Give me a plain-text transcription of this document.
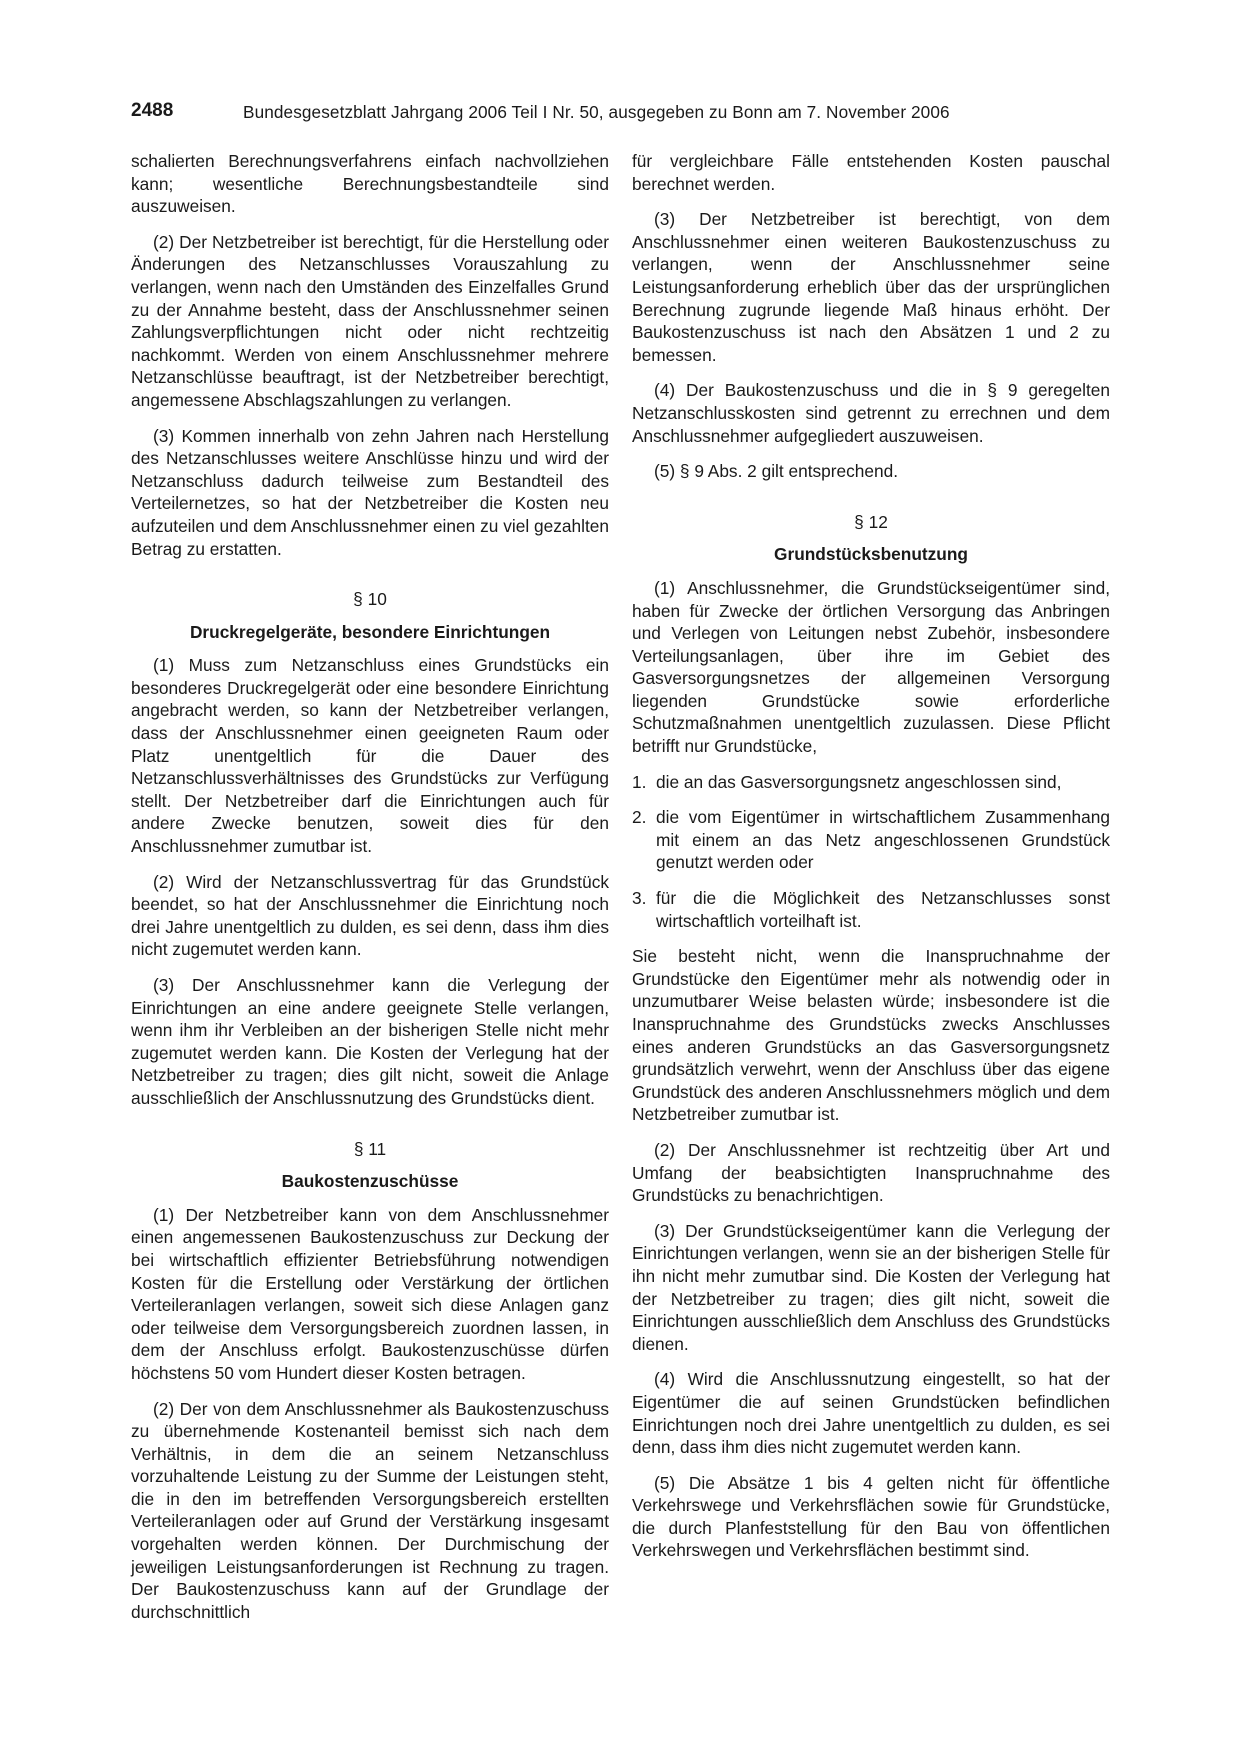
2488	Bundesgesetzblatt Jahrgang 2006 Teil I Nr. 50, ausgegeben zu Bonn am 7. November 2006

schalierten Berechnungsverfahrens einfach nachvollziehen kann; wesentliche Berechnungsbestandteile sind auszuweisen.

(2) Der Netzbetreiber ist berechtigt, für die Herstellung oder Änderungen des Netzanschlusses Vorauszahlung zu verlangen, wenn nach den Umständen des Einzelfalles Grund zu der Annahme besteht, dass der Anschlussnehmer seinen Zahlungsverpflichtungen nicht oder nicht rechtzeitig nachkommt. Werden von einem Anschlussnehmer mehrere Netzanschlüsse beauftragt, ist der Netzbetreiber berechtigt, angemessene Abschlagszahlungen zu verlangen.

(3) Kommen innerhalb von zehn Jahren nach Herstellung des Netzanschlusses weitere Anschlüsse hinzu und wird der Netzanschluss dadurch teilweise zum Bestandteil des Verteilernetzes, so hat der Netzbetreiber die Kosten neu aufzuteilen und dem Anschlussnehmer einen zu viel gezahlten Betrag zu erstatten.

§ 10
Druckregelgeräte, besondere Einrichtungen

(1) Muss zum Netzanschluss eines Grundstücks ein besonderes Druckregelgerät oder eine besondere Einrichtung angebracht werden, so kann der Netzbetreiber verlangen, dass der Anschlussnehmer einen geeigneten Raum oder Platz unentgeltlich für die Dauer des Netzanschlussverhältnisses des Grundstücks zur Verfügung stellt. Der Netzbetreiber darf die Einrichtungen auch für andere Zwecke benutzen, soweit dies für den Anschlussnehmer zumutbar ist.

(2) Wird der Netzanschlussvertrag für das Grundstück beendet, so hat der Anschlussnehmer die Einrichtung noch drei Jahre unentgeltlich zu dulden, es sei denn, dass ihm dies nicht zugemutet werden kann.

(3) Der Anschlussnehmer kann die Verlegung der Einrichtungen an eine andere geeignete Stelle verlangen, wenn ihm ihr Verbleiben an der bisherigen Stelle nicht mehr zugemutet werden kann. Die Kosten der Verlegung hat der Netzbetreiber zu tragen; dies gilt nicht, soweit die Anlage ausschließlich der Anschlussnutzung des Grundstücks dient.

§ 11
Baukostenzuschüsse

(1) Der Netzbetreiber kann von dem Anschlussnehmer einen angemessenen Baukostenzuschuss zur Deckung der bei wirtschaftlich effizienter Betriebsführung notwendigen Kosten für die Erstellung oder Verstärkung der örtlichen Verteileranlagen verlangen, soweit sich diese Anlagen ganz oder teilweise dem Versorgungsbereich zuordnen lassen, in dem der Anschluss erfolgt. Baukostenzuschüsse dürfen höchstens 50 vom Hundert dieser Kosten betragen.

(2) Der von dem Anschlussnehmer als Baukostenzuschuss zu übernehmende Kostenanteil bemisst sich nach dem Verhältnis, in dem die an seinem Netzanschluss vorzuhaltende Leistung zu der Summe der Leistungen steht, die in den im betreffenden Versorgungsbereich erstellten Verteileranlagen oder auf Grund der Verstärkung insgesamt vorgehalten werden können. Der Durchmischung der jeweiligen Leistungsanforderungen ist Rechnung zu tragen. Der Baukostenzuschuss kann auf der Grundlage der durchschnittlich

für vergleichbare Fälle entstehenden Kosten pauschal berechnet werden.

(3) Der Netzbetreiber ist berechtigt, von dem Anschlussnehmer einen weiteren Baukostenzuschuss zu verlangen, wenn der Anschlussnehmer seine Leistungsanforderung erheblich über das der ursprünglichen Berechnung zugrunde liegende Maß hinaus erhöht. Der Baukostenzuschuss ist nach den Absätzen 1 und 2 zu bemessen.

(4) Der Baukostenzuschuss und die in § 9 geregelten Netzanschlusskosten sind getrennt zu errechnen und dem Anschlussnehmer aufgegliedert auszuweisen.

(5) § 9 Abs. 2 gilt entsprechend.

§ 12
Grundstücksbenutzung

(1) Anschlussnehmer, die Grundstückseigentümer sind, haben für Zwecke der örtlichen Versorgung das Anbringen und Verlegen von Leitungen nebst Zubehör, insbesondere Verteilungsanlagen, über ihre im Gebiet des Gasversorgungsnetzes der allgemeinen Versorgung liegenden Grundstücke sowie erforderliche Schutzmaßnahmen unentgeltlich zuzulassen. Diese Pflicht betrifft nur Grundstücke,

1. die an das Gasversorgungsnetz angeschlossen sind,
2. die vom Eigentümer in wirtschaftlichem Zusammenhang mit einem an das Netz angeschlossenen Grundstück genutzt werden oder
3. für die die Möglichkeit des Netzanschlusses sonst wirtschaftlich vorteilhaft ist.

Sie besteht nicht, wenn die Inanspruchnahme der Grundstücke den Eigentümer mehr als notwendig oder in unzumutbarer Weise belasten würde; insbesondere ist die Inanspruchnahme des Grundstücks zwecks Anschlusses eines anderen Grundstücks an das Gasversorgungsnetz grundsätzlich verwehrt, wenn der Anschluss über das eigene Grundstück des anderen Anschlussnehmers möglich und dem Netzbetreiber zumutbar ist.

(2) Der Anschlussnehmer ist rechtzeitig über Art und Umfang der beabsichtigten Inanspruchnahme des Grundstücks zu benachrichtigen.

(3) Der Grundstückseigentümer kann die Verlegung der Einrichtungen verlangen, wenn sie an der bisherigen Stelle für ihn nicht mehr zumutbar sind. Die Kosten der Verlegung hat der Netzbetreiber zu tragen; dies gilt nicht, soweit die Einrichtungen ausschließlich dem Anschluss des Grundstücks dienen.

(4) Wird die Anschlussnutzung eingestellt, so hat der Eigentümer die auf seinen Grundstücken befindlichen Einrichtungen noch drei Jahre unentgeltlich zu dulden, es sei denn, dass ihm dies nicht zugemutet werden kann.

(5) Die Absätze 1 bis 4 gelten nicht für öffentliche Verkehrswege und Verkehrsflächen sowie für Grundstücke, die durch Planfeststellung für den Bau von öffentlichen Verkehrswegen und Verkehrsflächen bestimmt sind.
